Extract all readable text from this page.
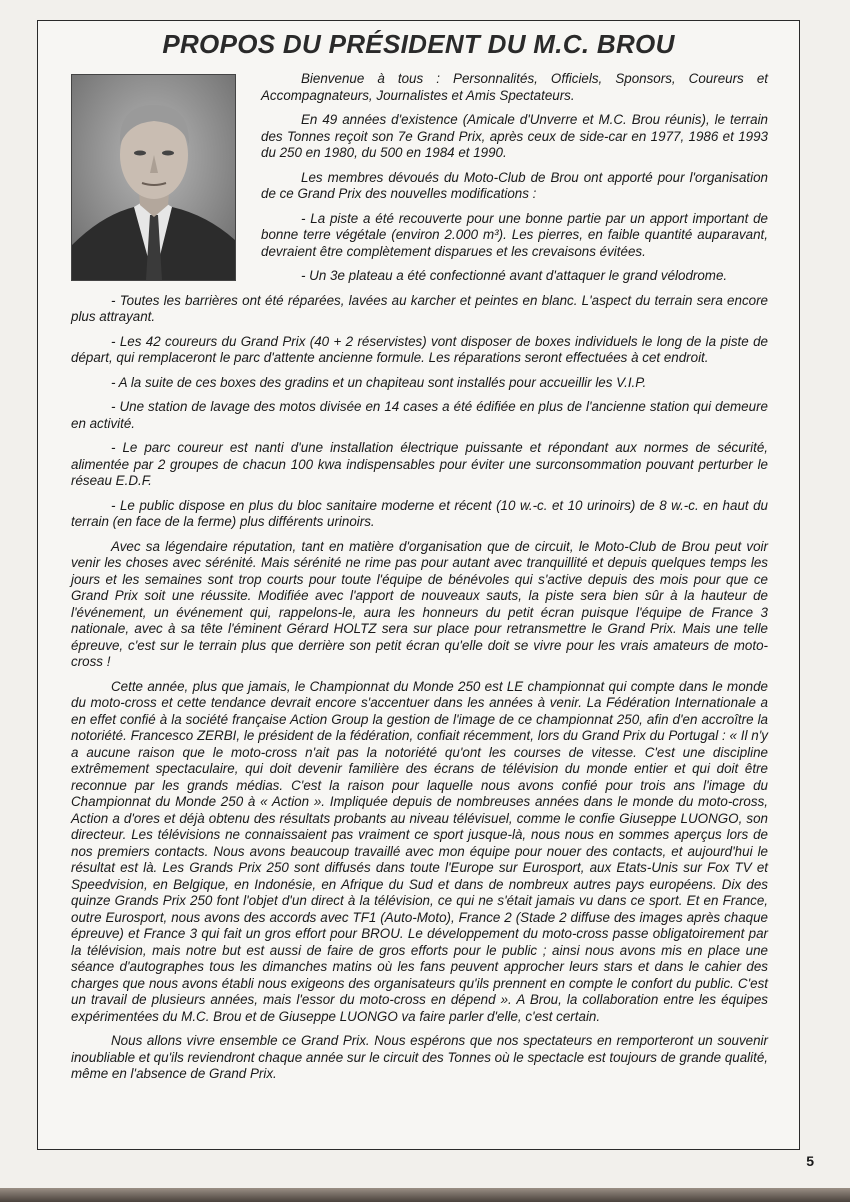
PROPOS DU PRÉSIDENT DU M.C. BROU

Bienvenue à tous : Personnalités, Officiels, Sponsors, Coureurs et Accompagnateurs, Journalistes et Amis Spectateurs.

En 49 années d'existence (Amicale d'Unverre et M.C. Brou réunis), le terrain des Tonnes reçoit son 7e Grand Prix, après ceux de side-car en 1977, 1986 et 1993 du 250 en 1980, du 500 en 1984 et 1990.

Les membres dévoués du Moto-Club de Brou ont apporté pour l'organisation de ce Grand Prix des nouvelles modifications :

- La piste a été recouverte pour une bonne partie par un apport important de bonne terre végétale (environ 2.000 m³). Les pierres, en faible quantité auparavant, devraient être complètement disparues et les crevaisons évitées.

- Un 3e plateau a été confectionné avant d'attaquer le grand vélodrome.

- Toutes les barrières ont été réparées, lavées au karcher et peintes en blanc. L'aspect du terrain sera encore plus attrayant.

- Les 42 coureurs du Grand Prix (40 + 2 réservistes) vont disposer de boxes individuels le long de la piste de départ, qui remplaceront le parc d'attente ancienne formule. Les réparations seront effectuées à cet endroit.

- A la suite de ces boxes des gradins et un chapiteau sont installés pour accueillir les V.I.P.

- Une station de lavage des motos divisée en 14 cases a été édifiée en plus de l'ancienne station qui demeure en activité.

- Le parc coureur est nanti d'une installation électrique puissante et répondant aux normes de sécurité, alimentée par 2 groupes de chacun 100 kwa indispensables pour éviter une surconsommation pouvant perturber le réseau E.D.F.

- Le public dispose en plus du bloc sanitaire moderne et récent (10 w.-c. et 10 urinoirs) de 8 w.-c. en haut du terrain (en face de la ferme) plus différents urinoirs.

Avec sa légendaire réputation, tant en matière d'organisation que de circuit, le Moto-Club de Brou peut voir venir les choses avec sérénité. Mais sérénité ne rime pas pour autant avec tranquillité et depuis quelques temps les jours et les semaines sont trop courts pour toute l'équipe de bénévoles qui s'active depuis des mois pour que ce Grand Prix soit une réussite. Modifiée avec l'apport de nouveaux sauts, la piste sera bien sûr à la hauteur de l'événement, un événement qui, rappelons-le, aura les honneurs du petit écran puisque l'équipe de France 3 nationale, avec à sa tête l'éminent Gérard HOLTZ sera sur place pour retransmettre le Grand Prix. Mais une telle épreuve, c'est sur le terrain plus que derrière son petit écran qu'elle doit se vivre pour les vrais amateurs de moto-cross !

Cette année, plus que jamais, le Championnat du Monde 250 est LE championnat qui compte dans le monde du moto-cross et cette tendance devrait encore s'accentuer dans les années à venir. La Fédération Internationale a en effet confié à la société française Action Group la gestion de l'image de ce championnat 250, afin d'en accroître la notoriété. Francesco ZERBI, le président de la fédération, confiait récemment, lors du Grand Prix du Portugal : « Il n'y a aucune raison que le moto-cross n'ait pas la notoriété qu'ont les courses de vitesse. C'est une discipline extrêmement spectaculaire, qui doit devenir familière des écrans de télévision du monde entier et qui doit être reconnue par les grands médias. C'est la raison pour laquelle nous avons confié pour trois ans l'image du Championnat du Monde 250 à « Action ». Impliquée depuis de nombreuses années dans le monde du moto-cross, Action a d'ores et déjà obtenu des résultats probants au niveau télévisuel, comme le confie Giuseppe LUONGO, son directeur. Les télévisions ne connaissaient pas vraiment ce sport jusque-là, nous nous en sommes aperçus lors de nos premiers contacts. Nous avons beaucoup travaillé avec mon équipe pour nouer des contacts, et aujourd'hui le résultat est là. Les Grands Prix 250 sont diffusés dans toute l'Europe sur Eurosport, aux Etats-Unis sur Fox TV et Speedvision, en Belgique, en Indonésie, en Afrique du Sud et dans de nombreux autres pays européens. Dix des quinze Grands Prix 250 font l'objet d'un direct à la télévision, ce qui ne s'était jamais vu dans ce sport. Et en France, outre Eurosport, nous avons des accords avec TF1 (Auto-Moto), France 2 (Stade 2 diffuse des images après chaque épreuve) et France 3 qui fait un gros effort pour BROU. Le développement du moto-cross passe obligatoirement par la télévision, mais notre but est aussi de faire de gros efforts pour le public ; ainsi nous avons mis en place une séance d'autographes tous les dimanches matins où les fans peuvent approcher leurs stars et dans le cahier des charges que nous avons établi nous exigeons des organisateurs qu'ils prennent en compte le confort du public. C'est un travail de plusieurs années, mais l'essor du moto-cross en dépend ». A Brou, la collaboration entre les équipes expérimentées du M.C. Brou et de Giuseppe LUONGO va faire parler d'elle, c'est certain.

Nous allons vivre ensemble ce Grand Prix. Nous espérons que nos spectateurs en remporteront un souvenir inoubliable et qu'ils reviendront chaque année sur le circuit des Tonnes où le spectacle est toujours de grande qualité, même en l'absence de Grand Prix.

5
